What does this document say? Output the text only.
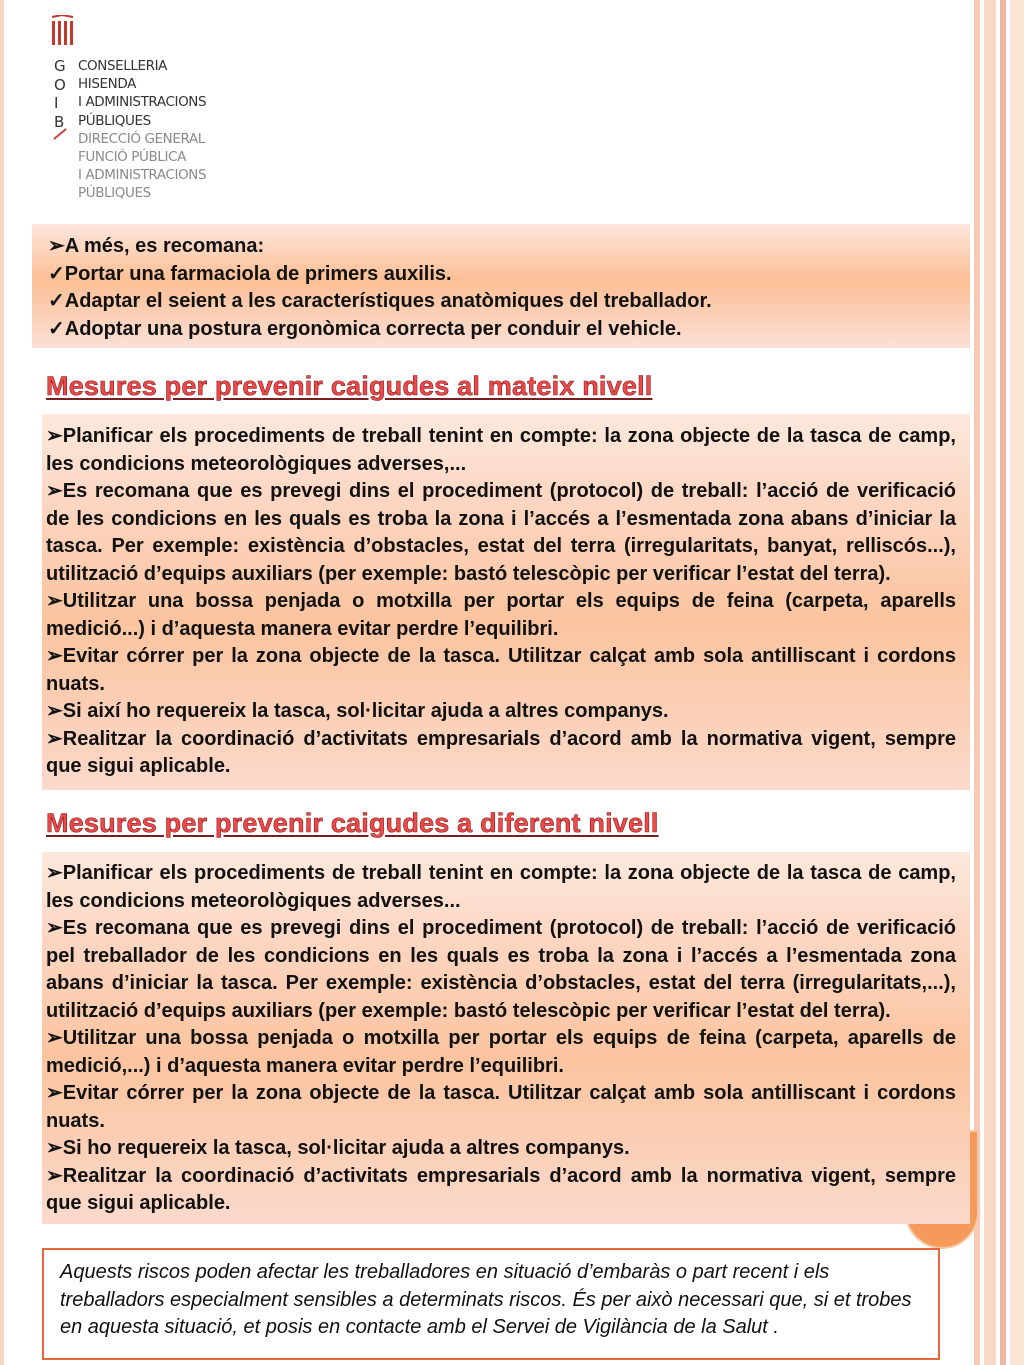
G
O
I
B
CONSELLERIA
HISENDA
I ADMINISTRACIONS
PÚBLIQUES
DIRECCIÓ GENERAL
FUNCIÓ PÚBLICA
I ADMINISTRACIONS
PÚBLIQUES

➢A més, es recomana:

✓Portar una farmaciola de primers auxilis.

✓Adaptar el seient a les característiques anatòmiques del treballador.

✓Adoptar una postura ergonòmica correcta per conduir el vehicle.

Mesures per prevenir caigudes al mateix nivell

➢Planificar els procediments de treball tenint en compte: la zona objecte de la tasca de camp, les condicions meteorològiques adverses,...

➢Es recomana que es prevegi dins el procediment (protocol) de treball: l’acció de verificació de les condicions en les quals es troba la zona i l’accés a l’esmentada zona abans d’iniciar la tasca. Per exemple: existència d’obstacles, estat del terra (irregularitats, banyat, relliscós...), utilització d’equips auxiliars (per exemple: bastó telescòpic per verificar l’estat del terra).

➢Utilitzar una bossa penjada o motxilla per portar els equips de feina (carpeta, aparells medició...) i d’aquesta manera evitar perdre l’equilibri.

➢Evitar córrer per la zona objecte de la tasca. Utilitzar calçat amb sola antilliscant i cordons nuats.

➢Si així ho requereix la tasca, sol·licitar ajuda a altres companys.

➢Realitzar la coordinació d’activitats empresarials d’acord amb la normativa vigent, sempre que sigui aplicable.

Mesures per prevenir caigudes a diferent nivell

➢Planificar els procediments de treball tenint en compte: la zona objecte de la tasca de camp, les condicions meteorològiques adverses...

➢Es recomana que es prevegi dins el procediment (protocol) de treball: l’acció de verificació pel treballador de les condicions en les quals es troba la zona i l’accés a l’esmentada zona abans d’iniciar la tasca. Per exemple: existència d’obstacles, estat del terra (irregularitats,...), utilització d’equips auxiliars (per exemple: bastó telescòpic per verificar l’estat del terra).

➢Utilitzar una bossa penjada o motxilla per portar els equips de feina (carpeta, aparells de medició,...) i d’aquesta manera evitar perdre l’equilibri.

➢Evitar córrer per la zona objecte de la tasca. Utilitzar calçat amb sola antilliscant i cordons nuats.

➢Si ho requereix la tasca, sol·licitar ajuda a altres companys.

➢Realitzar la coordinació d’activitats empresarials d’acord amb la normativa vigent, sempre que sigui aplicable.

Aquests riscos poden afectar les treballadores en situació d’embaràs o part recent i els treballadors especialment sensibles a determinats riscos. És per això necessari que, si et trobes en aquesta situació, et posis en contacte amb el Servei de Vigilància de la Salut .
